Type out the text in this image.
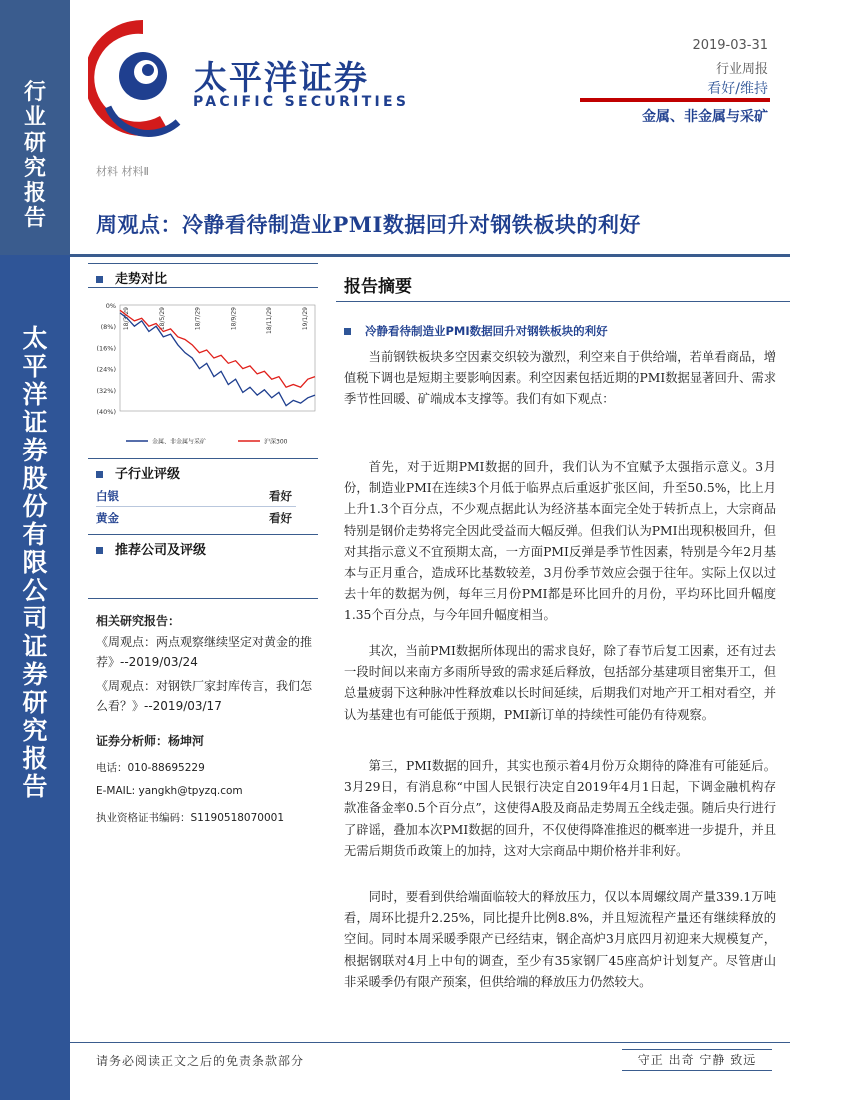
行
业
研
究
报
告
太
平
洋
证
券
股
份
有
限
公
司
证
券
研
究
报
告
太平洋证券
PACIFIC SECURITIES
2019-03-31
行业周报
看好/维持
金属、非金属与采矿
材料 材料Ⅱ
周观点：冷静看待制造业PMI数据回升对钢铁板块的利好
走势对比
0%
(8%)
(16%)
(24%)
(32%)
(40%)
18/3/29	18/5/29	18/7/29	18/9/29	18/11/29	19/1/29
金属、非金属与采矿	沪深300
子行业评级
白银	看好
黄金	看好
推荐公司及评级
相关研究报告：
《周观点：两点观察继续坚定对黄金的推荐》--2019/03/24
《周观点：对钢铁厂家封库传言，我们怎么看？》--2019/03/17
证券分析师：杨坤河
电话：010-88695229
E-MAIL: yangkh@tpyzq.com
执业资格证书编码：S1190518070001
报告摘要
冷静看待制造业PMI数据回升对钢铁板块的利好
当前钢铁板块多空因素交织较为激烈，利空来自于供给端，若单看商品，增值税下调也是短期主要影响因素。利空因素包括近期的PMI数据显著回升、需求季节性回暖、矿端成本支撑等。我们有如下观点：
首先，对于近期PMI数据的回升，我们认为不宜赋予太强指示意义。3月份，制造业PMI在连续3个月低于临界点后重返扩张区间，升至50.5%，比上月上升1.3个百分点，不少观点据此认为经济基本面完全处于转折点上，大宗商品特别是钢价走势将完全因此受益而大幅反弹。但我们认为PMI出现积极回升，但对其指示意义不宜预期太高，一方面PMI反弹是季节性因素，特别是今年2月基本与正月重合，造成环比基数较差，3月份季节效应会强于往年。实际上仅以过去十年的数据为例，每年三月份PMI都是环比回升的月份，平均环比回升幅度1.35个百分点，与今年回升幅度相当。
其次，当前PMI数据所体现出的需求良好，除了春节后复工因素，还有过去一段时间以来南方多雨所导致的需求延后释放，包括部分基建项目密集开工，但总量疲弱下这种脉冲性释放难以长时间延续，后期我们对地产开工相对看空，并认为基建也有可能低于预期，PMI新订单的持续性可能仍有待观察。
第三，PMI数据的回升，其实也预示着4月份万众期待的降准有可能延后。3月29日，有消息称“中国人民银行决定自2019年4月1日起，下调金融机构存款准备金率0.5个百分点”，这使得A股及商品走势周五全线走强。随后央行进行了辟谣，叠加本次PMI数据的回升，不仅使得降准推迟的概率进一步提升，并且无需后期货币政策上的加持，这对大宗商品中期价格并非利好。
同时，要看到供给端面临较大的释放压力，仅以本周螺纹周产量339.1万吨看，周环比提升2.25%，同比提升比例8.8%，并且短流程产量还有继续释放的空间。同时本周采暖季限产已经结束，钢企高炉3月底四月初迎来大规模复产，根据钢联对4月上中旬的调查，至少有35家钢厂45座高炉计划复产。尽管唐山非采暖季仍有限产预案，但供给端的释放压力仍然较大。
请务必阅读正文之后的免责条款部分	守正 出奇 宁静 致远
